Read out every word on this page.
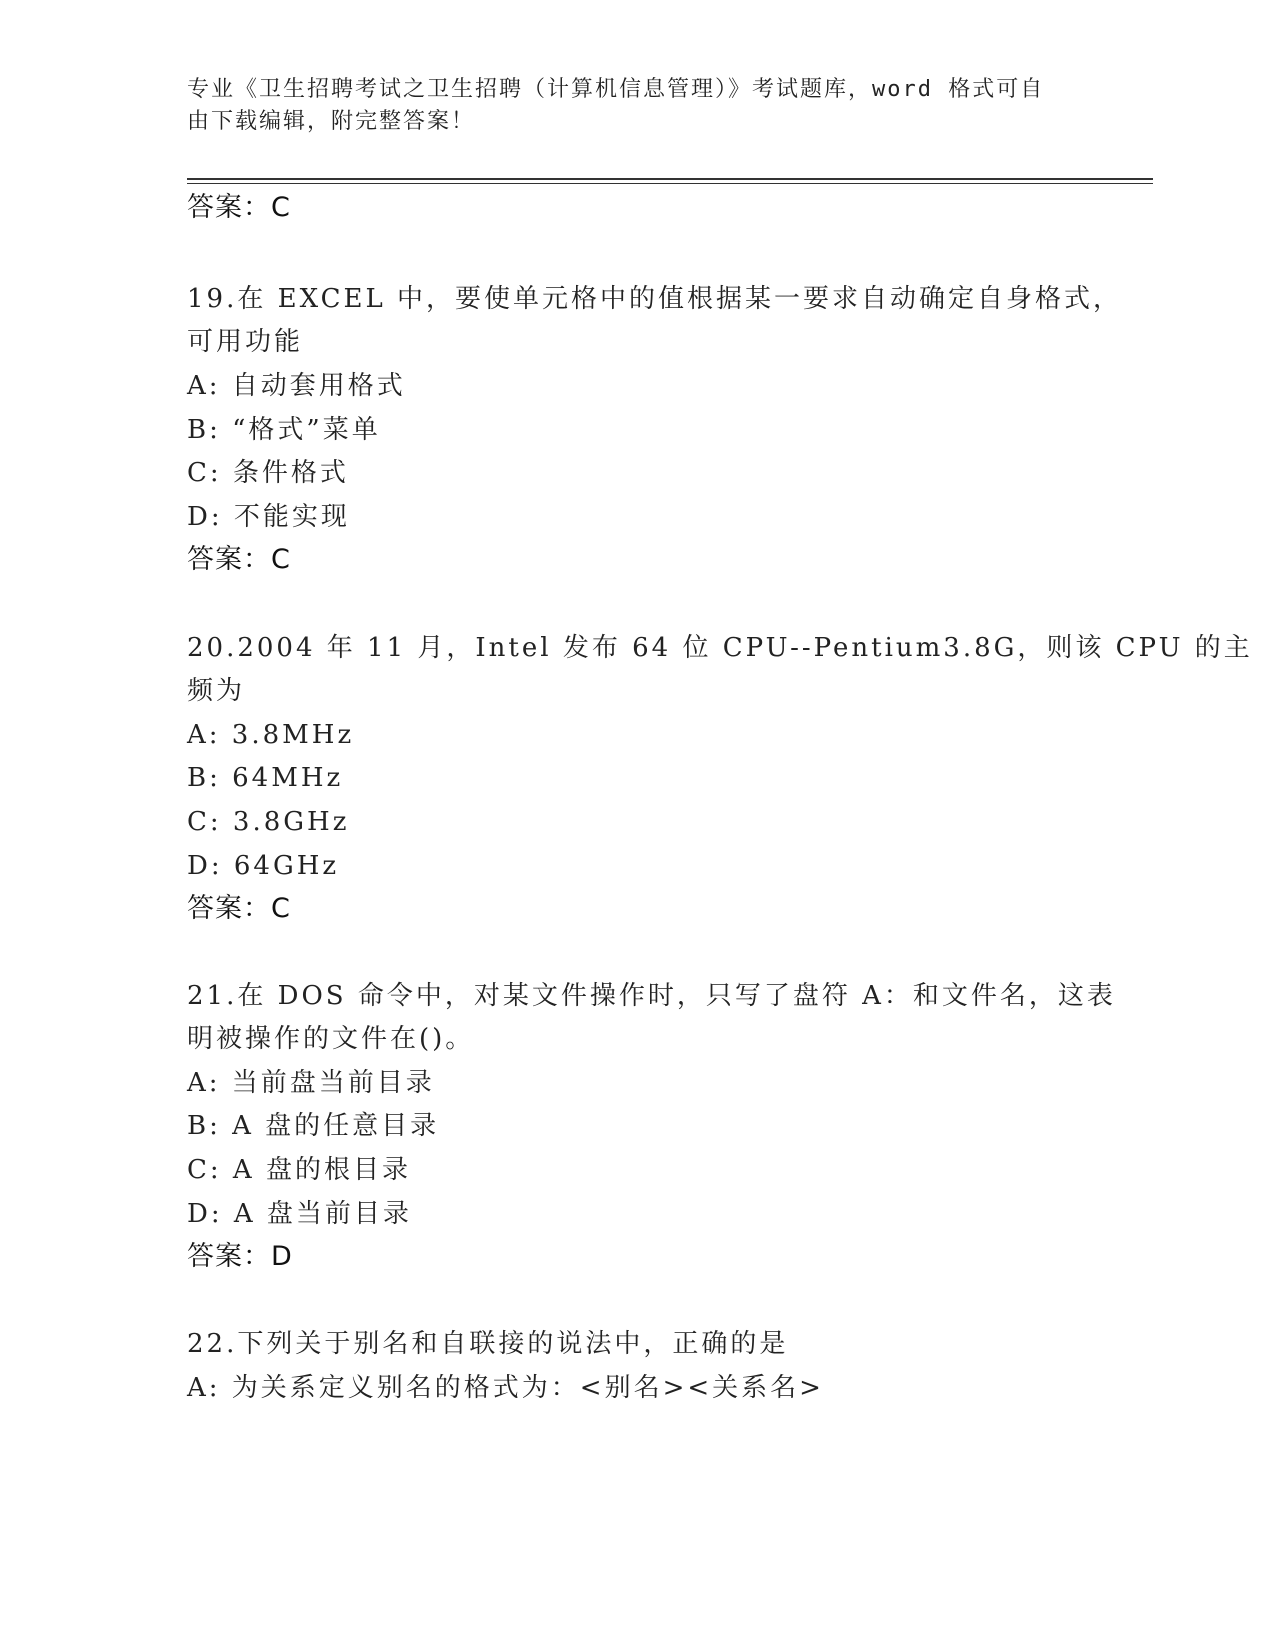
专业《卫生招聘考试之卫生招聘（计算机信息管理）》考试题库，word 格式可自
由下载编辑，附完整答案！
答案：C
19.在 EXCEL 中，要使单元格中的值根据某一要求自动确定自身格式，
可用功能
A: 自动套用格式
B: “格式”菜单
C: 条件格式
D: 不能实现
答案：C
20.2004 年 11 月，Intel 发布 64 位 CPU--Pentium3.8G，则该 CPU 的主
频为
A: 3.8MHz
B: 64MHz
C: 3.8GHz
D: 64GHz
答案：C
21.在 DOS 命令中，对某文件操作时，只写了盘符 A：和文件名，这表
明被操作的文件在()。
A: 当前盘当前目录
B: A 盘的任意目录
C: A 盘的根目录
D: A 盘当前目录
答案：D
22.下列关于别名和自联接的说法中，正确的是
A: 为关系定义别名的格式为：<别名><关系名>
